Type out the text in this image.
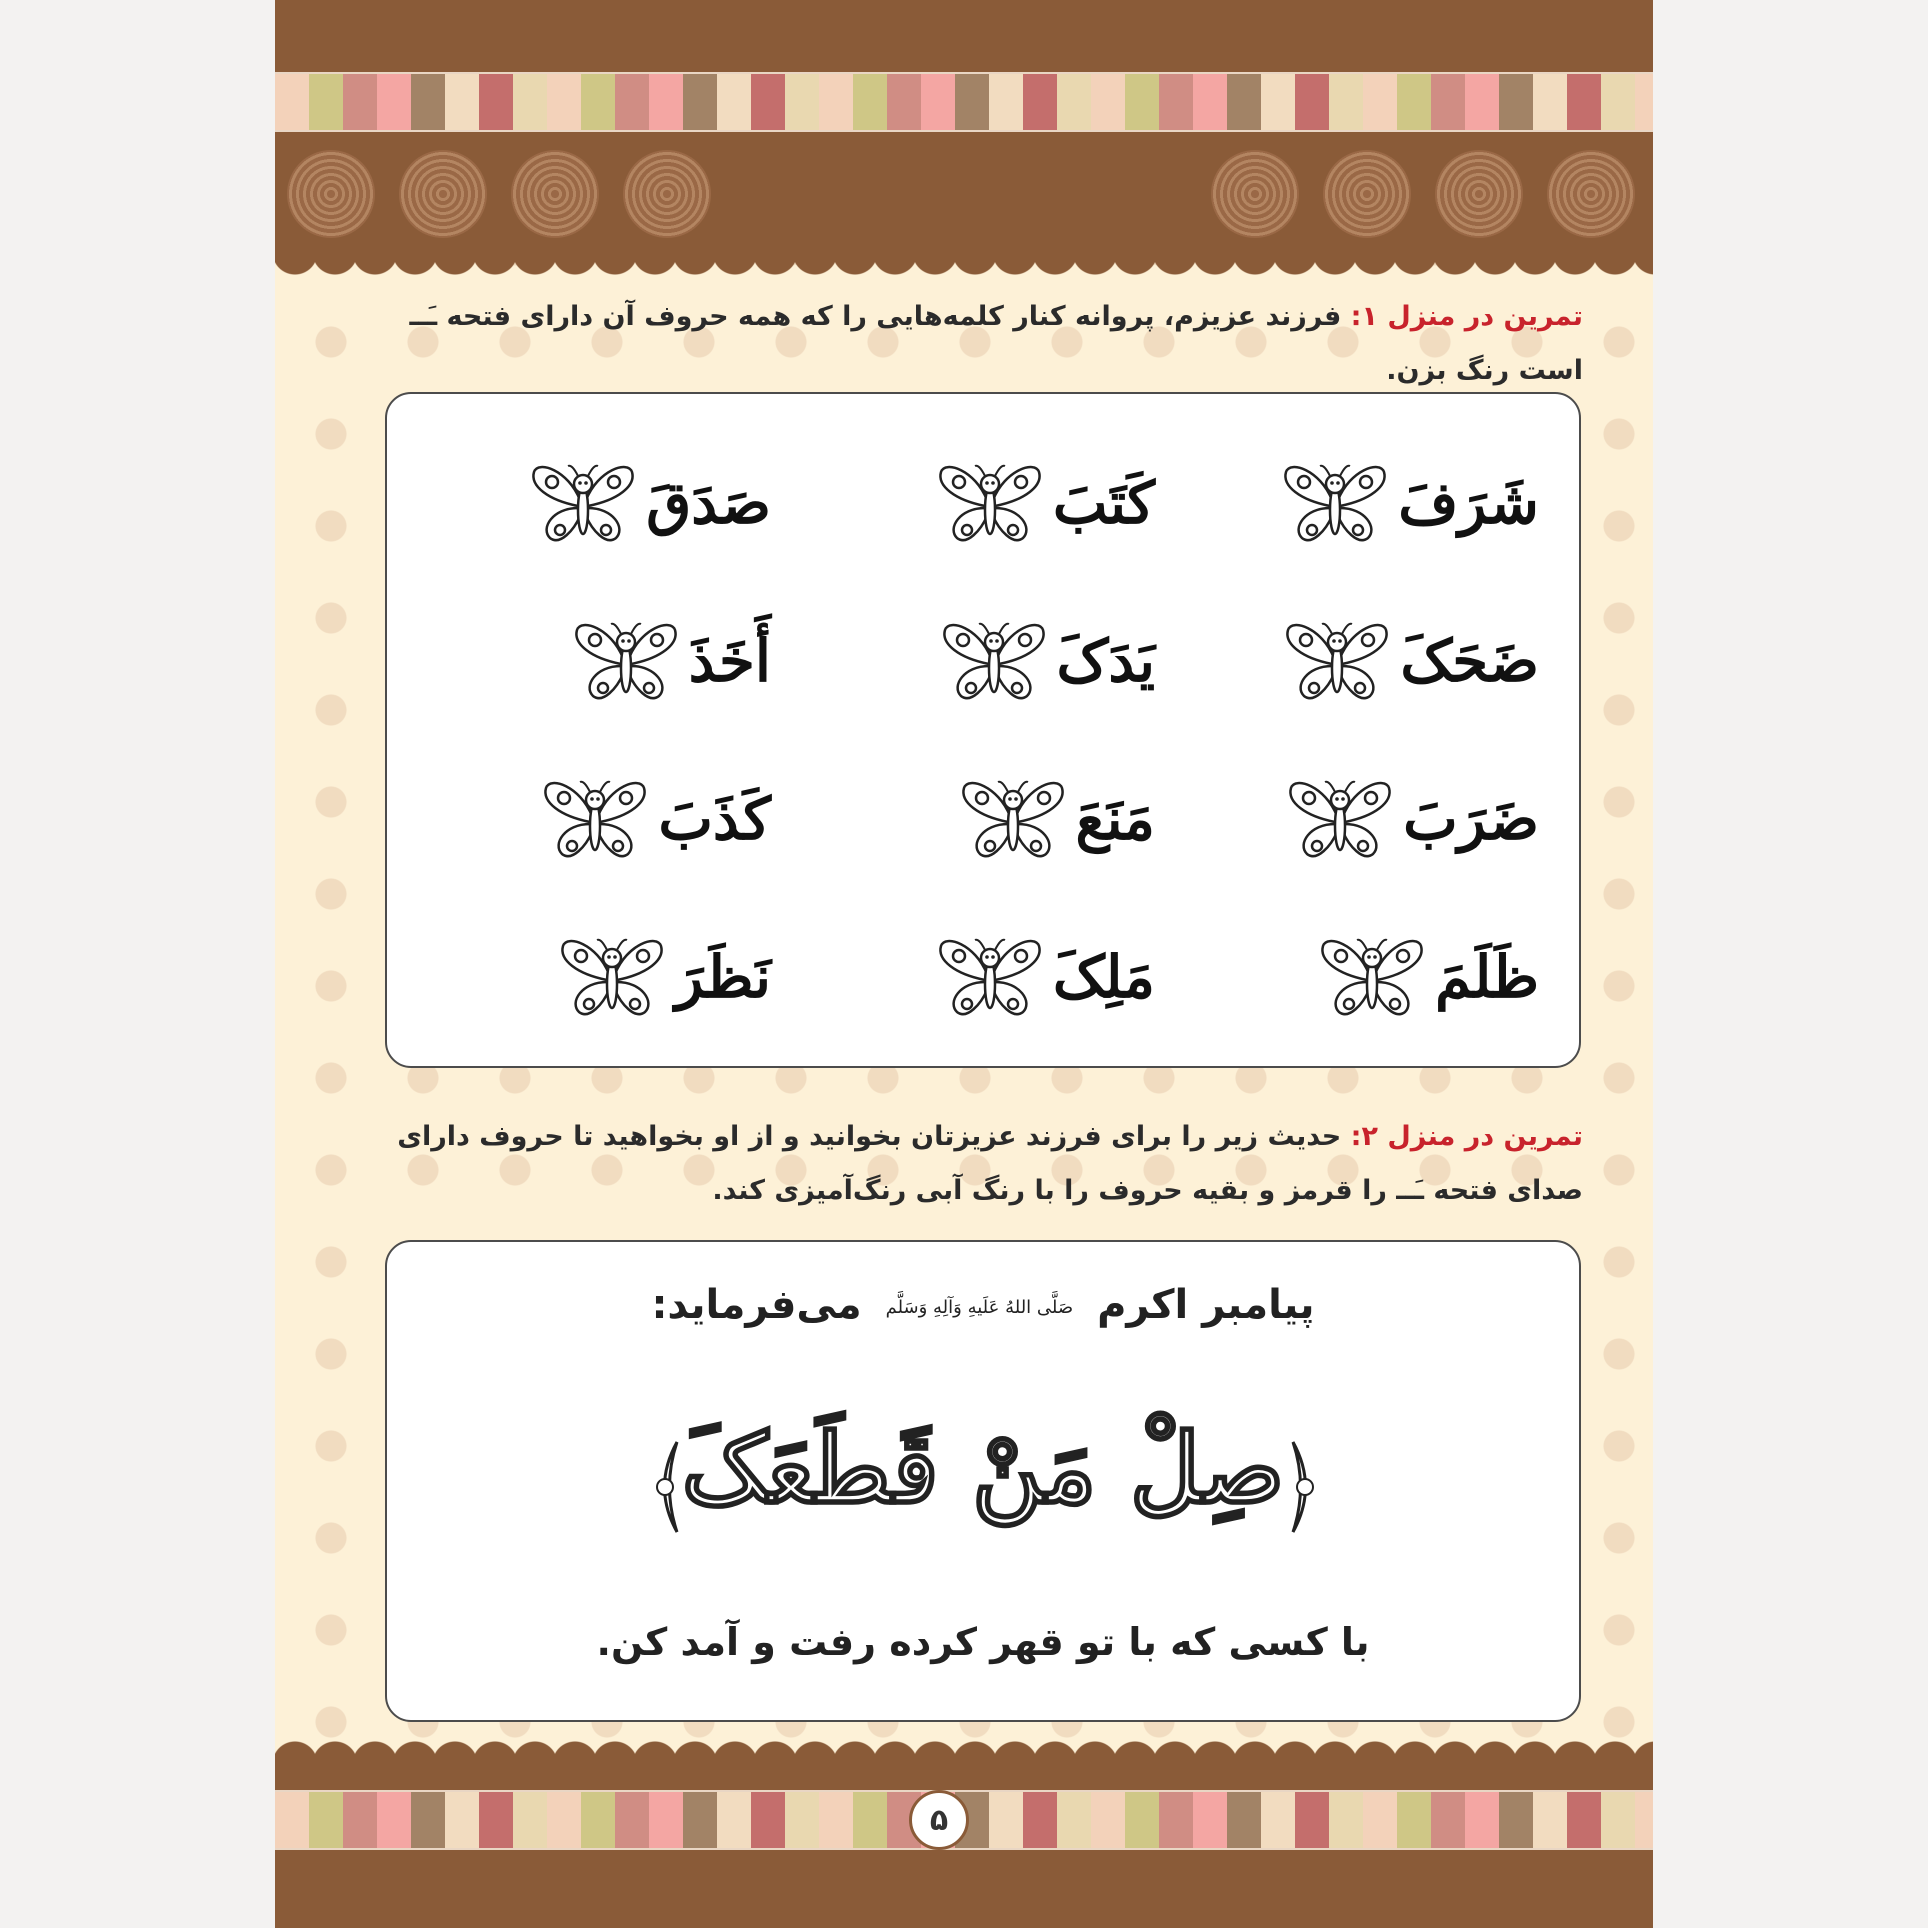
تمرین در منزل ۱: فرزند عزیزم، پروانه کنار کلمه‌هایی را که همه حروف آن دارای فتحه ـَــ است رنگ بزن.
شَرَفَ
کَتَبَ
صَدَقَ
ضَحَکَ
یَدَکَ
أَخَذَ
ضَرَبَ
مَنَعَ
کَذَبَ
ظَلَمَ
مَلِکَ
نَظَرَ
تمرین در منزل ۲: حدیث زیر را برای فرزند عزیزتان بخوانید و از او بخواهید تا حروف دارای صدای فتحه ـَــ را قرمز و بقیه حروف را با رنگ آبی رنگ‌آمیزی کند.
پیامبر اکرم صَلَّی اللهُ عَلَیهِ وَآلِهِ وَسَلَّم می‌فرماید:
صِلْ مَنْ قَطَعَکَ
با کسی که با تو قهر کرده رفت و آمد کن.
۵
